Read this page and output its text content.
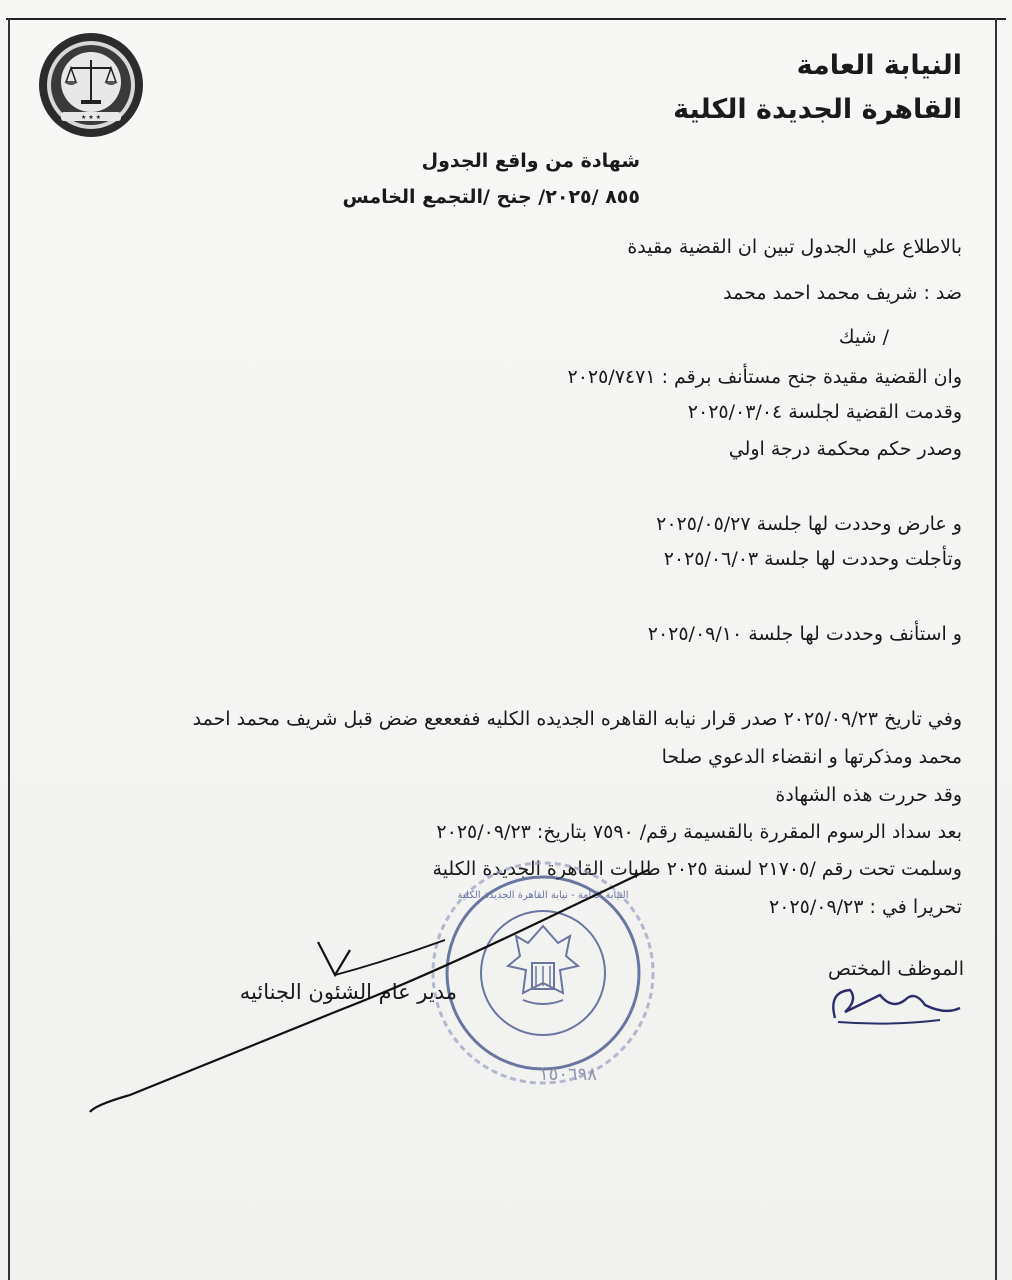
★ ★ ★
النيابة العامة
القاهرة الجديدة الكلية
شهادة من واقع الجدول
٨٥٥ /٢٠٢٥/ جنح /التجمع الخامس
بالاطلاع علي الجدول تبين ان القضية مقيدة
ضد : شريف محمد احمد محمد
/ شيك
وان القضية مقيدة جنح مستأنف برقم : ٢٠٢٥/٧٤٧١
وقدمت القضية لجلسة ٢٠٢٥/٠٣/٠٤
وصدر حكم محكمة درجة اولي
و عارض وحددت لها جلسة ٢٠٢٥/٠٥/٢٧
وتأجلت وحددت لها جلسة ٢٠٢٥/٠٦/٠٣
و استأنف وحددت لها جلسة ٢٠٢٥/٠٩/١٠
وفي تاريخ ٢٠٢٥/٠٩/٢٣ صدر قرار نيابه القاهره الجديده الكليه ففعععع ضض قبل شريف محمد احمد
محمد ومذكرتها و انقضاء الدعوي صلحا
وقد حررت هذه الشهادة
بعد سداد الرسوم المقررة بالقسيمة رقم/ ٧٥٩٠ بتاريخ: ٢٠٢٥/٠٩/٢٣
وسلمت تحت رقم /٢١٧٠٥ لسنة ٢٠٢٥ طلبات القاهرة الجديدة الكلية
تحريرا في : ٢٠٢٥/٠٩/٢٣
النيابة العامة - نيابة القاهرة الجديدة الكلية
١٥٠٦٩٨
الموظف المختص
مدير عام الشئون الجنائيه
